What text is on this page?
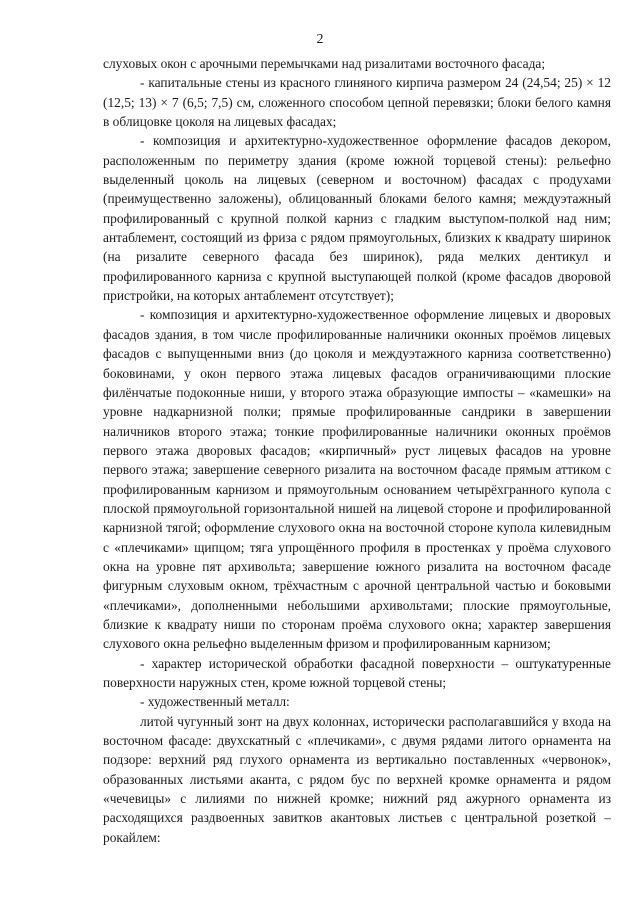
2

слуховых окон с арочными перемычками над ризалитами восточного фасада;

- капитальные стены из красного глиняного кирпича размером 24 (24,54; 25) × 12 (12,5; 13) × 7 (6,5; 7,5) см, сложенного способом цепной перевязки; блоки белого камня в облицовке цоколя на лицевых фасадах;

- композиция и архитектурно-художественное оформление фасадов декором, расположенным по периметру здания (кроме южной торцевой стены): рельефно выделенный цоколь на лицевых (северном и восточном) фасадах с продухами (преимущественно заложены), облицованный блоками белого камня; междуэтажный профилированный с крупной полкой карниз с гладким выступом-полкой над ним; антаблемент, состоящий из фриза с рядом прямоугольных, близких к квадрату ширинок (на ризалите северного фасада без ширинок), ряда мелких дентикул и профилированного карниза с крупной выступающей полкой (кроме фасадов дворовой пристройки, на которых антаблемент отсутствует);

- композиция и архитектурно-художественное оформление лицевых и дворовых фасадов здания, в том числе профилированные наличники оконных проёмов лицевых фасадов с выпущенными вниз (до цоколя и междуэтажного карниза соответственно) боковинами, у окон первого этажа лицевых фасадов ограничивающими плоские филёнчатые подоконные ниши, у второго этажа образующие импосты – «камешки» на уровне надкарнизной полки; прямые профилированные сандрики в завершении наличников второго этажа; тонкие профилированные наличники оконных проёмов первого этажа дворовых фасадов; «кирпичный» руст лицевых фасадов на уровне первого этажа; завершение северного ризалита на восточном фасаде прямым аттиком с профилированным карнизом и прямоугольным основанием четырёхгранного купола с плоской прямоугольной горизонтальной нишей на лицевой стороне и профилированной карнизной тягой; оформление слухового окна на восточной стороне купола килевидным с «плечиками» щипцом; тяга упрощённого профиля в простенках у проёма слухового окна на уровне пят архивольта; завершение южного ризалита на восточном фасаде фигурным слуховым окном, трёхчастным с арочной центральной частью и боковыми «плечиками», дополненными небольшими архивольтами; плоские прямоугольные, близкие к квадрату ниши по сторонам проёма слухового окна; характер завершения слухового окна рельефно выделенным фризом и профилированным карнизом;

- характер исторической обработки фасадной поверхности – оштукатуренные поверхности наружных стен, кроме южной торцевой стены;

- художественный металл:

литой чугунный зонт на двух колоннах, исторически располагавшийся у входа на восточном фасаде: двухскатный с «плечиками», с двумя рядами литого орнамента на подзоре: верхний ряд глухого орнамента из вертикально поставленных «червонок», образованных листьями аканта, с рядом бус по верхней кромке орнамента и рядом «чечевицы» с лилиями по нижней кромке; нижний ряд ажурного орнамента из расходящихся раздвоенных завитков акантовых листьев с центральной розеткой – рокайлем:
